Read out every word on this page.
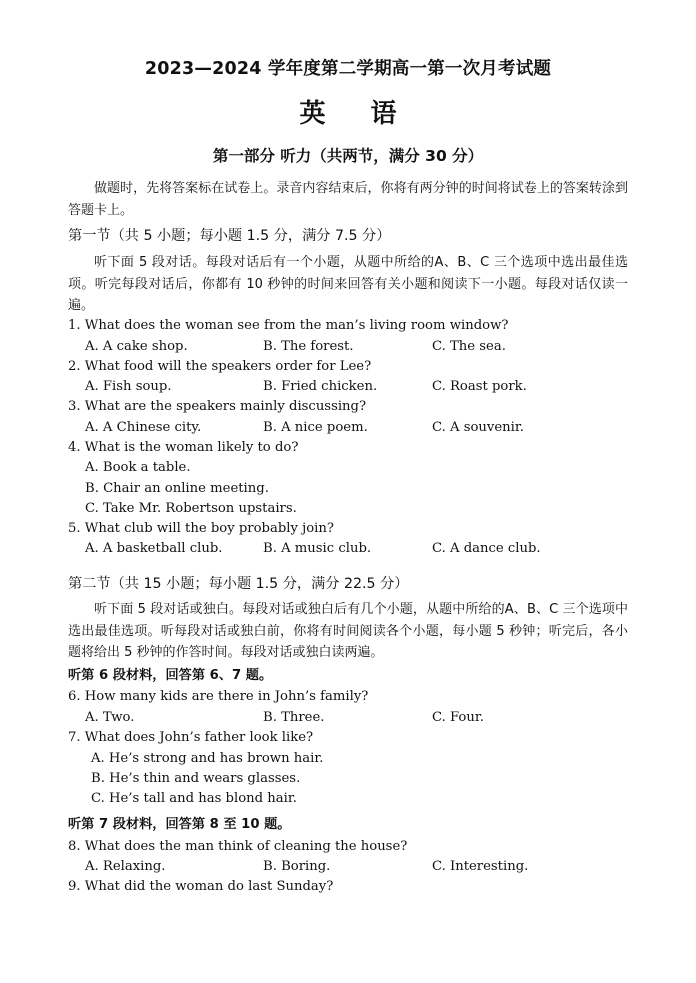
2023—2024 学年度第二学期高一第一次月考试题
英 语
第一部分 听力（共两节，满分 30 分）
做题时，先将答案标在试卷上。录音内容结束后，你将有两分钟的时间将试卷上的答案转涂到答题卡上。
第一节（共 5 小题；每小题 1.5 分，满分 7.5 分）
听下面 5 段对话。每段对话后有一个小题，从题中所给的A、B、C 三个选项中选出最佳选项。听完每段对话后，你都有 10 秒钟的时间来回答有关小题和阅读下一小题。每段对话仅读一遍。
1. What does the woman see from the man’s living room window?
A. A cake shop.	B. The forest.	C. The sea.
2. What food will the speakers order for Lee?
A. Fish soup.	B. Fried chicken.	C. Roast pork.
3. What are the speakers mainly discussing?
A. A Chinese city.	B. A nice poem.	C. A souvenir.
4. What is the woman likely to do?
A. Book a table.
B. Chair an online meeting.
C. Take Mr. Robertson upstairs.
5. What club will the boy probably join?
A. A basketball club.	B. A music club.	C. A dance club.
第二节（共 15 小题；每小题 1.5 分，满分 22.5 分）
听下面 5 段对话或独白。每段对话或独白后有几个小题，从题中所给的A、B、C 三个选项中选出最佳选项。听每段对话或独白前，你将有时间阅读各个小题，每小题 5 秒钟；听完后，各小题将给出 5 秒钟的作答时间。每段对话或独白读两遍。
听第 6 段材料，回答第 6、7 题。
6. How many kids are there in John’s family?
A. Two.	B. Three.	C. Four.
7. What does John’s father look like?
A. He’s strong and has brown hair.
B. He’s thin and wears glasses.
C. He’s tall and has blond hair.
听第 7 段材料，回答第 8 至 10 题。
8. What does the man think of cleaning the house?
A. Relaxing.	B. Boring.	C. Interesting.
9. What did the woman do last Sunday?
